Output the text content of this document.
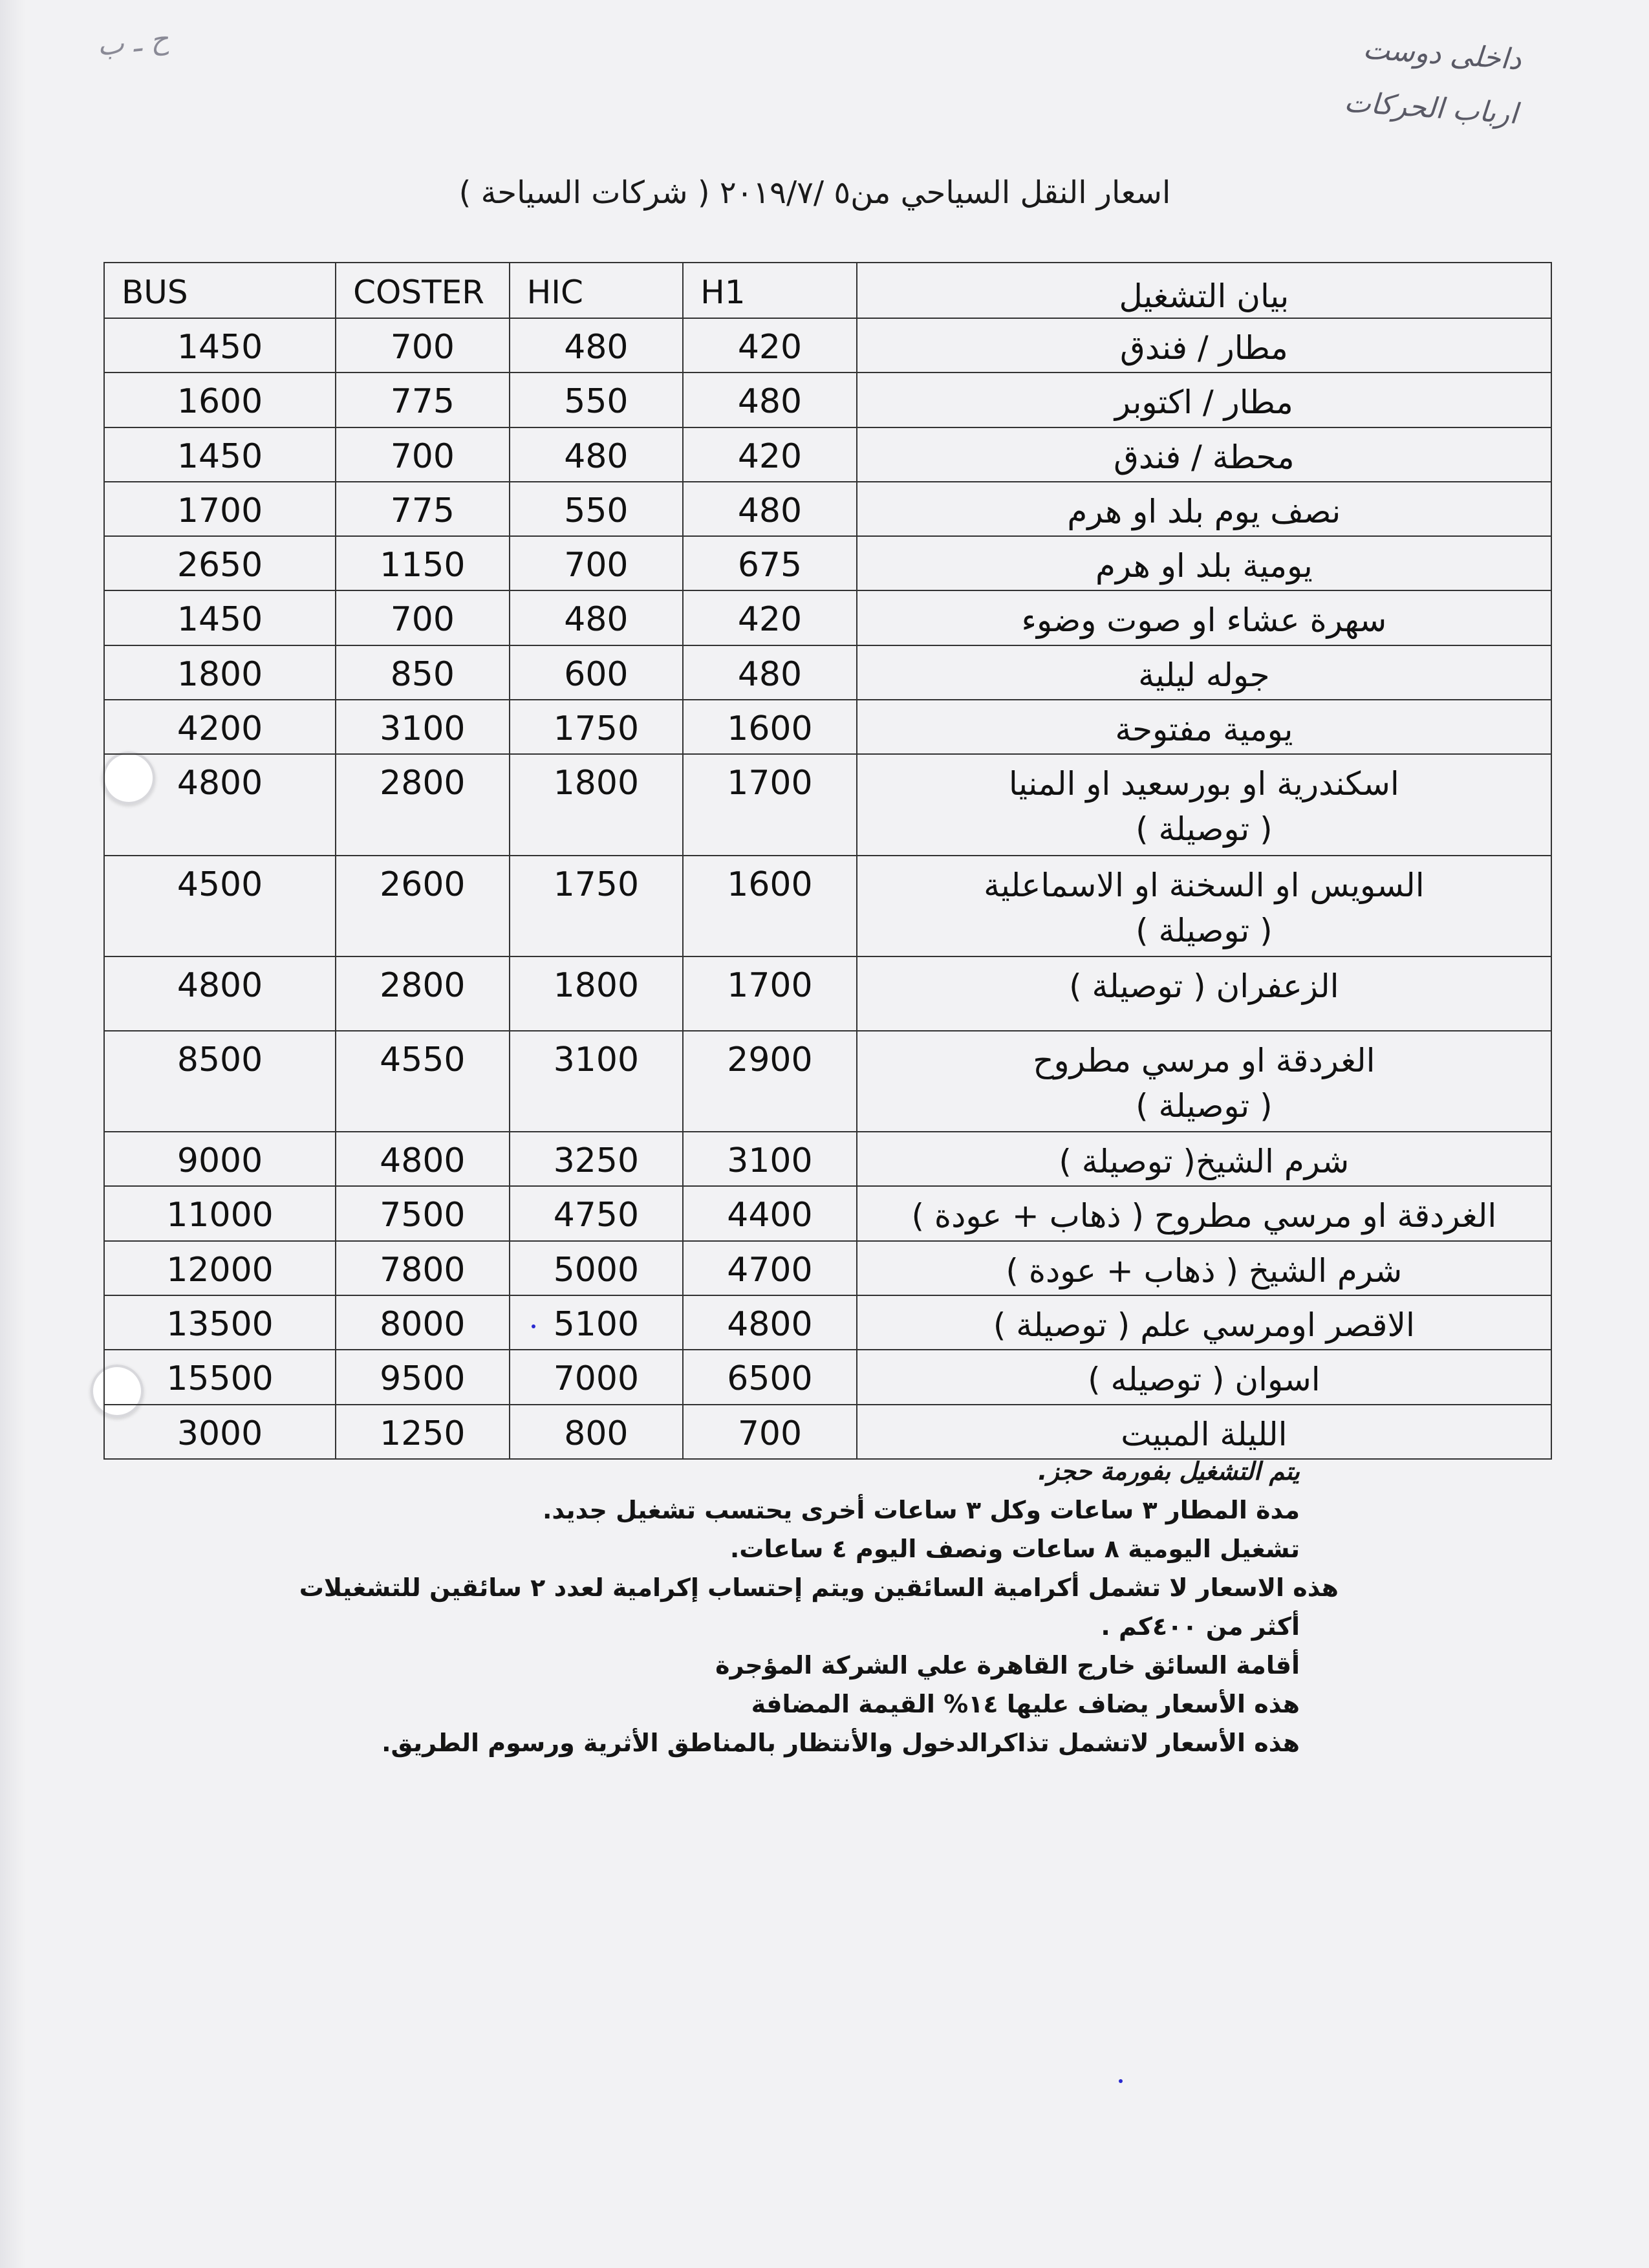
ح ـ ب	داخلی دوست
ارباب الحرکات
اسعار النقل السياحي من٥ /٢٠١٩/٧ ( شركات السياحة )
BUS	COSTER	HIC	H1	بيان التشغيل
1450	700	480	420	مطار / فندق
1600	775	550	480	مطار / اكتوبر
1450	700	480	420	محطة / فندق
1700	775	550	480	نصف يوم بلد او هرم
2650	1150	700	675	يومية بلد او هرم
1450	700	480	420	سهرة عشاء او صوت وضوء
1800	850	600	480	جوله ليلية
4200	3100	1750	1600	يومية مفتوحة
4800	2800	1800	1700	اسكندرية او بورسعيد او المنيا
( توصيلة )

4500	2600	1750	1600	السويس او السخنة او الاسماعلية
( توصيلة )

4800	2800	1800	1700	الزعفران ( توصيلة )
8500	4550	3100	2900	الغردقة او مرسي مطروح
( توصيلة )

9000	4800	3250	3100	شرم الشيخ( توصيلة )
11000	7500	4750	4400	الغردقة او مرسي مطروح ( ذهاب + عودة )
12000	7800	5000	4700	شرم الشيخ ( ذهاب + عودة )
13500	8000	5100	4800	الاقصر اومرسي علم ( توصيلة )
15500	9500	7000	6500	اسوان ( توصيله )
3000	1250	800	700	الليلة المبيت
يتم التشغيل بفورمة حجز.
مدة المطار ٣ ساعات وكل ٣ ساعات أخرى يحتسب تشغيل جديد.
تشغيل اليومية ٨ ساعات ونصف اليوم ٤ ساعات.
هذه الاسعار لا تشمل أكرامية السائقين ويتم إحتساب إكرامية لعدد ٢ سائقين للتشغيلات
أكثر من ٤٠٠كم .
أقامة السائق خارج القاهرة علي الشركة المؤجرة
هذه الأسعار يضاف عليها ١٤% القيمة المضافة
هذه الأسعار لاتشمل تذاكرالدخول والأنتظار بالمناطق الأثرية ورسوم الطريق.
